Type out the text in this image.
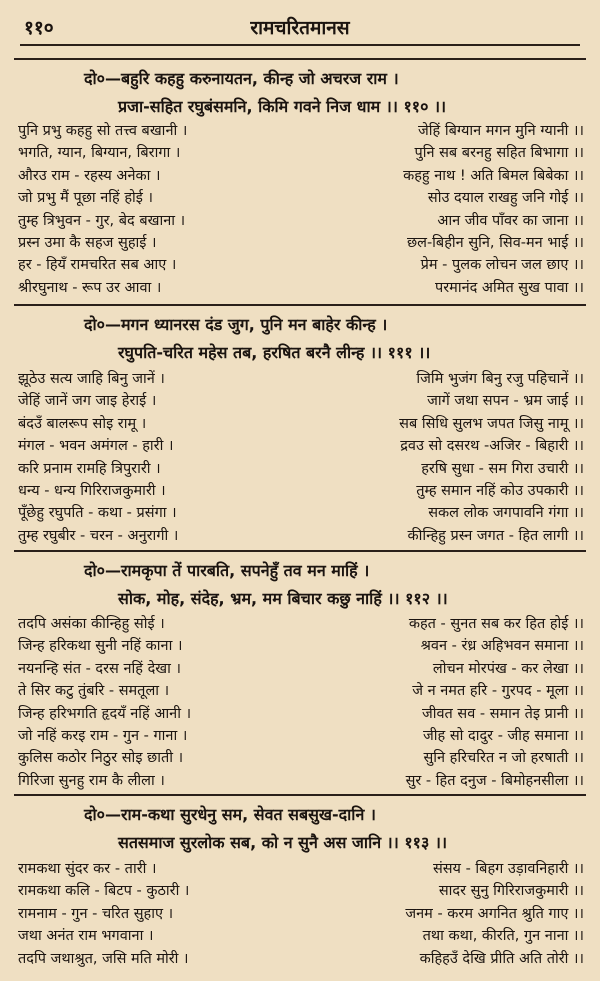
११०	रामचरितमानस
दो०—बहुरि कहहु करुनायतन, कीन्ह जो अचरज राम ।
प्रजा-सहित रघुबंसमनि, किमि गवने निज धाम ।। ११० ।।
पुनि प्रभु कहहु सो तत्त्व बखानी ।	जेहिं बिग्यान मगन मुनि ग्यानी ।।
भगति, ग्यान, बिग्यान, बिरागा ।	पुनि सब बरनहु सहित बिभागा ।।
औरउ राम - रहस्य अनेका ।	कहहु नाथ ! अति बिमल बिबेका ।।
जो प्रभु मैं पूछा नहिं होई ।	सोउ दयाल राखहु जनि गोई ।।
तुम्ह त्रिभुवन - गुर, बेद बखाना ।	आन जीव पाँवर का जाना ।।
प्रस्न उमा कै सहज सुहाई ।	छल-बिहीन सुनि, सिव-मन भाई ।।
हर - हियँ रामचरित सब आए ।	प्रेम - पुलक लोचन जल छाए ।।
श्रीरघुनाथ - रूप उर आवा ।	परमानंद अमित सुख पावा ।।
दो०—मगन ध्यानरस दंड जुग, पुनि मन बाहेर कीन्ह ।
रघुपति-चरित महेस तब, हरषित बरनै लीन्ह ।। १११ ।।
झूठेउ सत्य जाहि बिनु जानें ।	जिमि भुजंग बिनु रजु पहिचानें ।।
जेहिं जानें जग जाइ हेराई ।	जागें जथा सपन - भ्रम जाई ।।
बंदउँ बालरूप सोइ रामू ।	सब सिधि सुलभ जपत जिसु नामू ।।
मंगल - भवन अमंगल - हारी ।	द्रवउ सो दसरथ -अजिर - बिहारी ।।
करि प्रनाम रामहि त्रिपुरारी ।	हरषि सुधा - सम गिरा उचारी ।।
धन्य - धन्य गिरिराजकुमारी ।	तुम्ह समान नहिं कोउ उपकारी ।।
पूँछेहु रघुपति - कथा - प्रसंगा ।	सकल लोक जगपावनि गंगा ।।
तुम्ह रघुबीर - चरन - अनुरागी ।	कीन्हिहु प्रस्न जगत - हित लागी ।।
दो०—रामकृपा तें पारबति, सपनेहुँ तव मन माहिं ।
सोक, मोह, संदेह, भ्रम, मम बिचार कछु नाहिं ।। ११२ ।।
तदपि असंका कीन्हिहु सोई ।	कहत - सुनत सब कर हित होई ।।
जिन्ह हरिकथा सुनी नहिं काना ।	श्रवन - रंध्र अहिभवन समाना ।।
नयनन्हि संत - दरस नहिं देखा ।	लोचन मोरपंख - कर लेखा ।।
ते सिर कटु तुंबरि - समतूला ।	जे न नमत हरि - गुरपद - मूला ।।
जिन्ह हरिभगति हृदयँ नहिं आनी ।	जीवत सव - समान तेइ प्रानी ।।
जो नहिं करइ राम - गुन - गाना ।	जीह सो दादुर - जीह समाना ।।
कुलिस कठोर निठुर सोइ छाती ।	सुनि हरिचरित न जो हरषाती ।।
गिरिजा सुनहु राम कै लीला ।	सुर - हित दनुज - बिमोहनसीला ।।
दो०—राम-कथा सुरधेनु सम, सेवत सबसुख-दानि ।
सतसमाज सुरलोक सब, को न सुनै अस जानि ।। ११३ ।।
रामकथा सुंदर कर - तारी ।	संसय - बिहग उड़ावनिहारी ।।
रामकथा कलि - बिटप - कुठारी ।	सादर सुनु गिरिराजकुमारी ।।
रामनाम - गुन - चरित सुहाए ।	जनम - करम अगनित श्रुति गाए ।।
जथा अनंत राम भगवाना ।	तथा कथा, कीरति, गुन नाना ।।
तदपि जथाश्रुत, जसि मति मोरी ।	कहिहउँ देखि प्रीति अति तोरी ।।
